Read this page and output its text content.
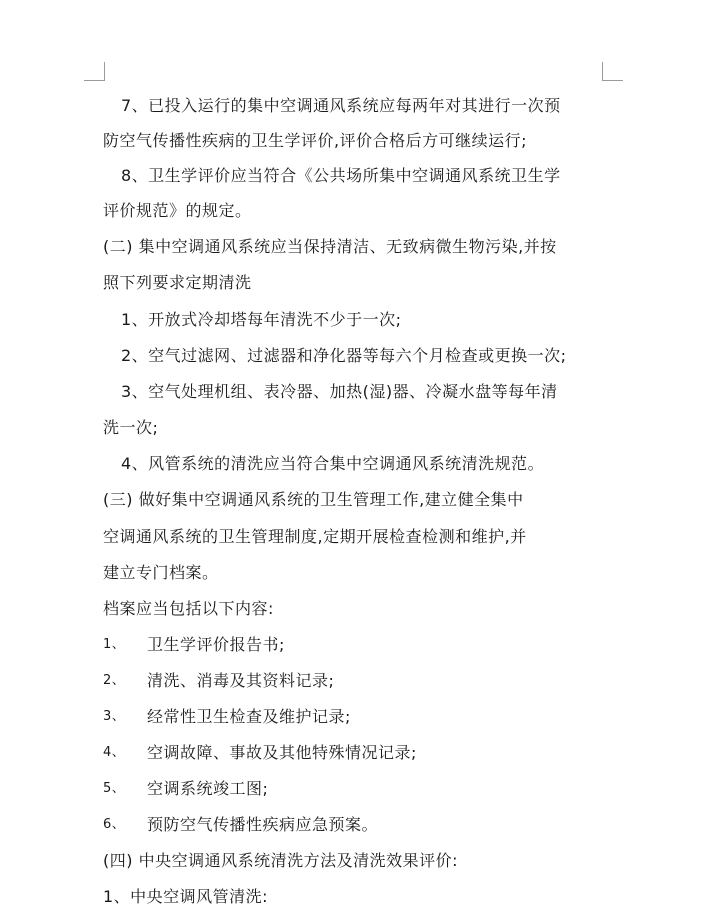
7、已投入运行的集中空调通风系统应每两年对其进行一次预
防空气传播性疾病的卫生学评价,评价合格后方可继续运行;
8、卫生学评价应当符合《公共场所集中空调通风系统卫生学
评价规范》的规定。
(二) 集中空调通风系统应当保持清洁、无致病微生物污染,并按
照下列要求定期清洗
1、开放式冷却塔每年清洗不少于一次;
2、空气过滤网、过滤器和净化器等每六个月检查或更换一次;
3、空气处理机组、表冷器、加热(湿)器、冷凝水盘等每年清
洗一次;
4、风管系统的清洗应当符合集中空调通风系统清洗规范。
(三) 做好集中空调通风系统的卫生管理工作,建立健全集中
空调通风系统的卫生管理制度,定期开展检查检测和维护,并
建立专门档案。
档案应当包括以下内容:
1、 卫生学评价报告书;
2、 清洗、消毒及其资料记录;
3、 经常性卫生检查及维护记录;
4、 空调故障、事故及其他特殊情况记录;
5、 空调系统竣工图;
6、 预防空气传播性疾病应急预案。
(四) 中央空调通风系统清洗方法及清洗效果评价:
1、中央空调风管清洗:
